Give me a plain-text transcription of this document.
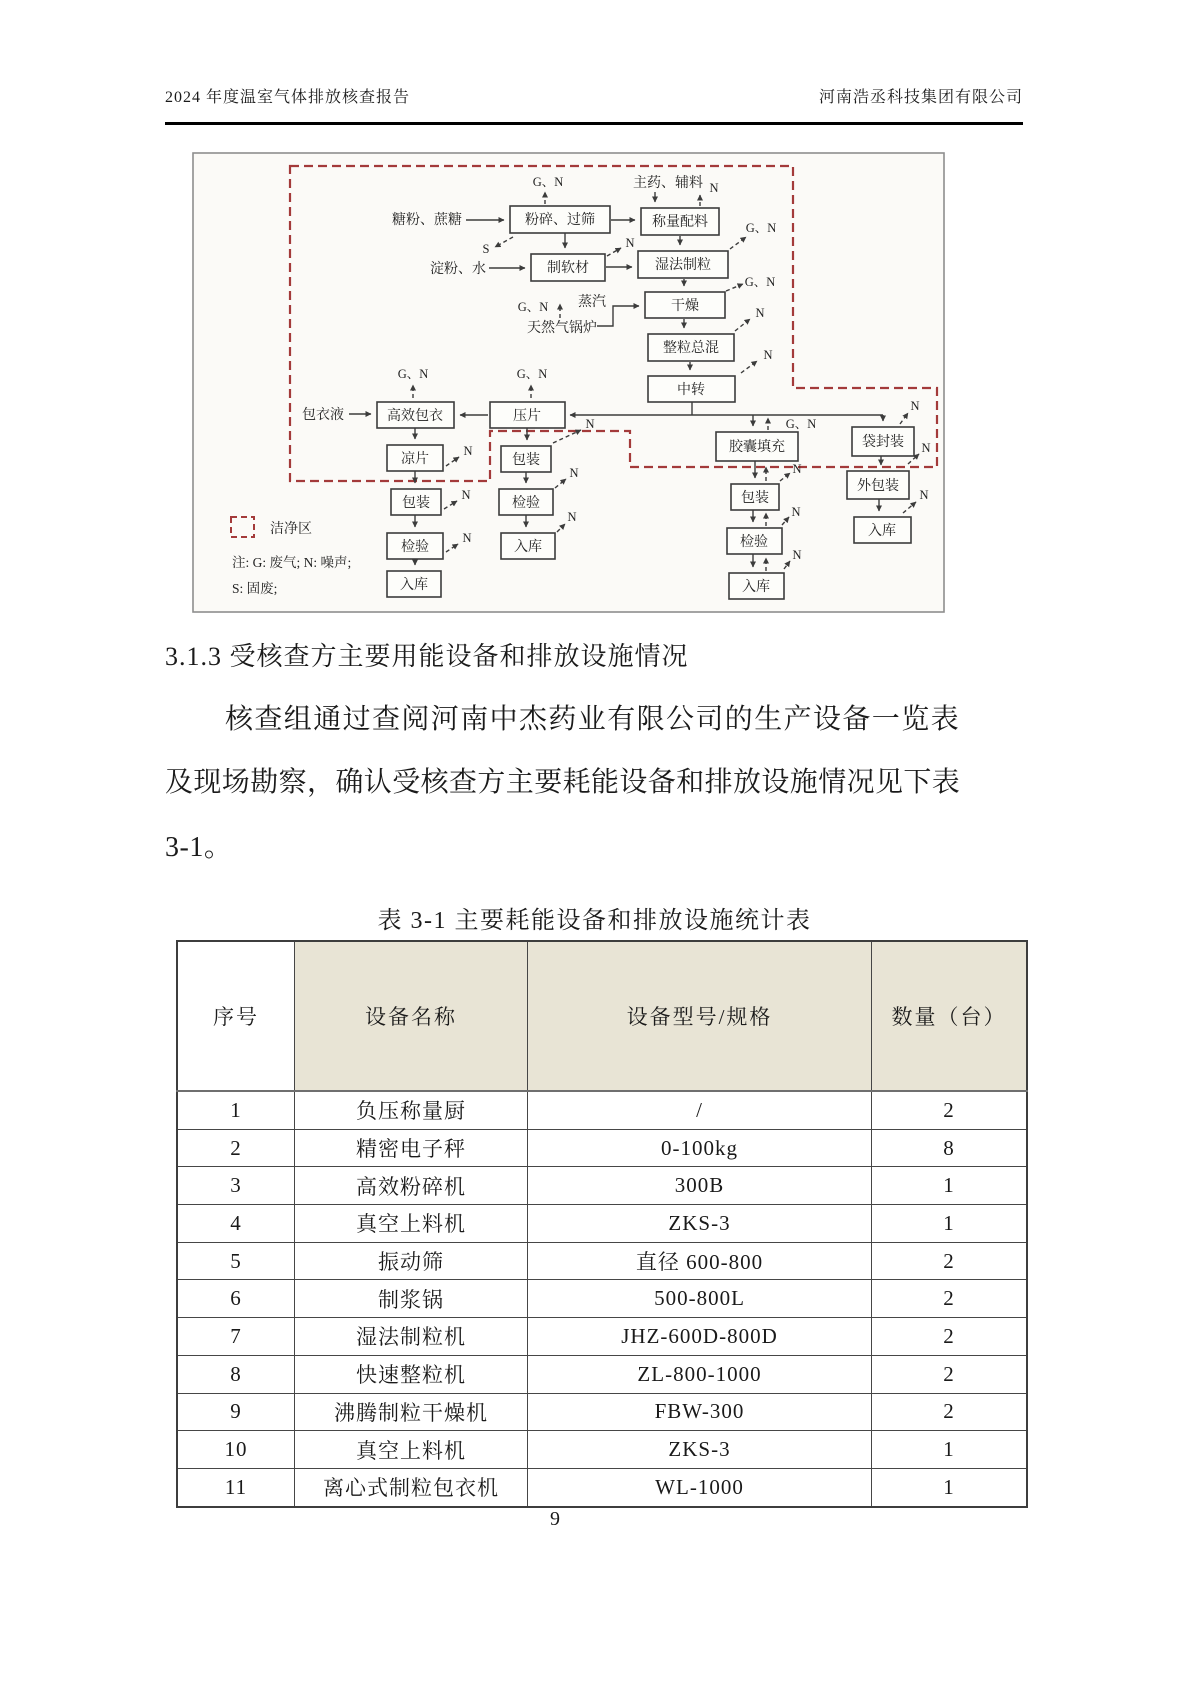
2024 年度温室气体排放核查报告	河南浩丞科技集团有限公司
粉碎、过筛	称量配料
制软材	湿法制粒
干燥
整粒总混
中转
高效包衣	压片
凉片
包装
检验
入库
包装
检验
入库
胶囊填充
包装
检验
入库
袋封装
外包装
入库
糖粉、蔗糖
主药、辅料
淀粉、水
蒸汽
天然气锅炉
包衣液
G、N	N
S	N
G、N
G、N
G、N	N
N
G、N	G、N
N
N
N
N
N
N
G、N
N
N
N
N
N
N
洁净区
注: G: 废气; N: 噪声;
S: 固废;
3.1.3 受核查方主要用能设备和排放设施情况
核查组通过查阅河南中杰药业有限公司的生产设备一览表
及现场勘察，确认受核查方主要耗能设备和排放设施情况见下表
3-1。
表 3-1 主要耗能设备和排放设施统计表
序号	设备名称	设备型号/规格	数量（台）
1	负压称量厨	/	2
2	精密电子秤	0-100kg	8
3	高效粉碎机	300B	1
4	真空上料机	ZKS-3	1
5	振动筛	直径 600-800	2
6	制浆锅	500-800L	2
7	湿法制粒机	JHZ-600D-800D	2
8	快速整粒机	ZL-800-1000	2
9	沸腾制粒干燥机	FBW-300	2
10	真空上料机	ZKS-3	1
11	离心式制粒包衣机	WL-1000	1
9
